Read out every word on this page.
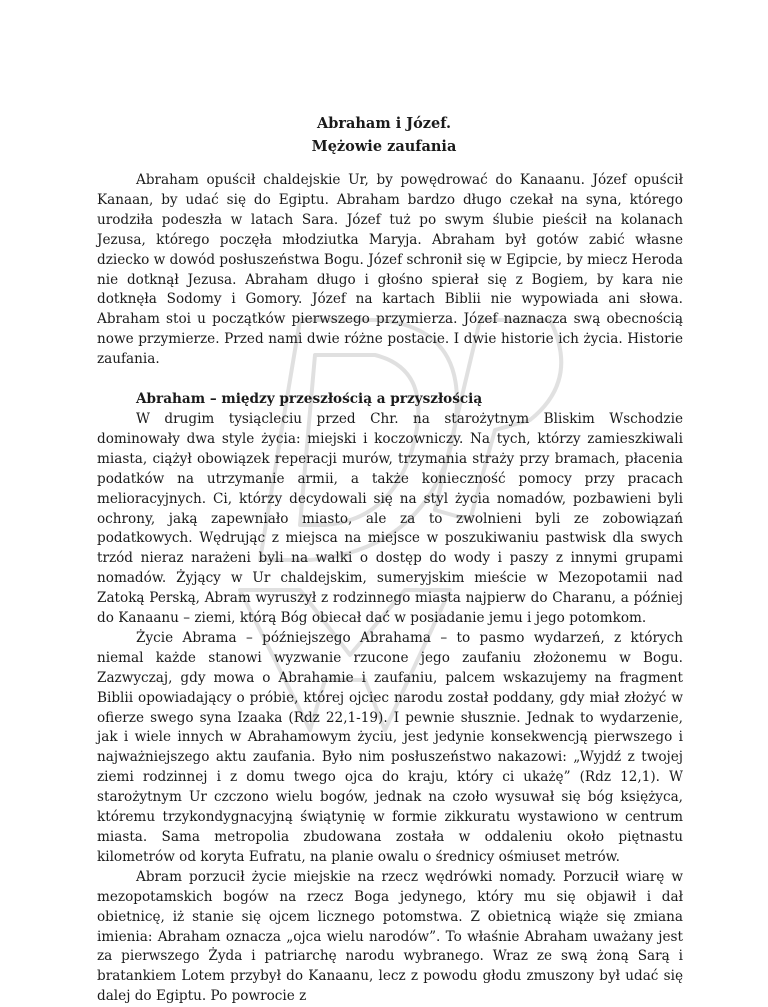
Abraham i Józef.
Mężowie zaufania

Abraham opuścił chaldejskie Ur, by powędrować do Kanaanu. Józef opuścił Kanaan, by udać się do Egiptu. Abraham bardzo długo czekał na syna, którego urodziła podeszła w latach Sara. Józef tuż po swym ślubie pieścił na kolanach Jezusa, którego poczęła młodziutka Maryja. Abraham był gotów zabić własne dziecko w dowód posłuszeństwa Bogu. Józef schronił się w Egipcie, by miecz Heroda nie dotknął Jezusa. Abraham długo i głośno spierał się z Bogiem, by kara nie dotknęła Sodomy i Gomory. Józef na kartach Biblii nie wypowiada ani słowa. Abraham stoi u początków pierwszego przymierza. Józef naznacza swą obecnością nowe przymierze. Przed nami dwie różne postacie. I dwie historie ich życia. Historie zaufania.

Abraham – między przeszłością a przyszłością

W drugim tysiącleciu przed Chr. na starożytnym Bliskim Wschodzie dominowały dwa style życia: miejski i koczowniczy. Na tych, którzy zamieszkiwali miasta, ciążył obowiązek reperacji murów, trzymania straży przy bramach, płacenia podatków na utrzymanie armii, a także konieczność pomocy przy pracach melioracyjnych. Ci, którzy decydowali się na styl życia nomadów, pozbawieni byli ochrony, jaką zapewniało miasto, ale za to zwolnieni byli ze zobowiązań podatkowych. Wędrując z miejsca na miejsce w poszukiwaniu pastwisk dla swych trzód nieraz narażeni byli na walki o dostęp do wody i paszy z innymi grupami nomadów. Żyjący w Ur chaldejskim, sumeryjskim mieście w Mezopotamii nad Zatoką Perską, Abram wyruszył z rodzinnego miasta najpierw do Charanu, a później do Kanaanu – ziemi, którą Bóg obiecał dać w posiadanie jemu i jego potomkom.

Życie Abrama – późniejszego Abrahama – to pasmo wydarzeń, z których niemal każde stanowi wyzwanie rzucone jego zaufaniu złożonemu w Bogu. Zazwyczaj, gdy mowa o Abrahamie i zaufaniu, palcem wskazujemy na fragment Biblii opowiadający o próbie, której ojciec narodu został poddany, gdy miał złożyć w ofierze swego syna Izaaka (Rdz 22,1-19). I pewnie słusznie. Jednak to wydarzenie, jak i wiele innych w Abrahamowym życiu, jest jedynie konsekwencją pierwszego i najważniejszego aktu zaufania. Było nim posłuszeństwo nakazowi: „Wyjdź z twojej ziemi rodzinnej i z domu twego ojca do kraju, który ci ukażę” (Rdz 12,1). W starożytnym Ur czczono wielu bogów, jednak na czoło wysuwał się bóg księżyca, któremu trzykondygnacyjną świątynię w formie zikkuratu wystawiono w centrum miasta. Sama metropolia zbudowana została w oddaleniu około piętnastu kilometrów od koryta Eufratu, na planie owalu o średnicy ośmiuset metrów.

Abram porzucił życie miejskie na rzecz wędrówki nomady. Porzucił wiarę w mezopotamskich bogów na rzecz Boga jedynego, który mu się objawił i dał obietnicę, iż stanie się ojcem licznego potomstwa. Z obietnicą wiąże się zmiana imienia: Abraham oznacza „ojca wielu narodów”. To właśnie Abraham uważany jest za pierwszego Żyda i patriarchę narodu wybranego. Wraz ze swą żoną Sarą i bratankiem Lotem przybył do Kanaanu, lecz z powodu głodu zmuszony był udać się dalej do Egiptu. Po powrocie z
